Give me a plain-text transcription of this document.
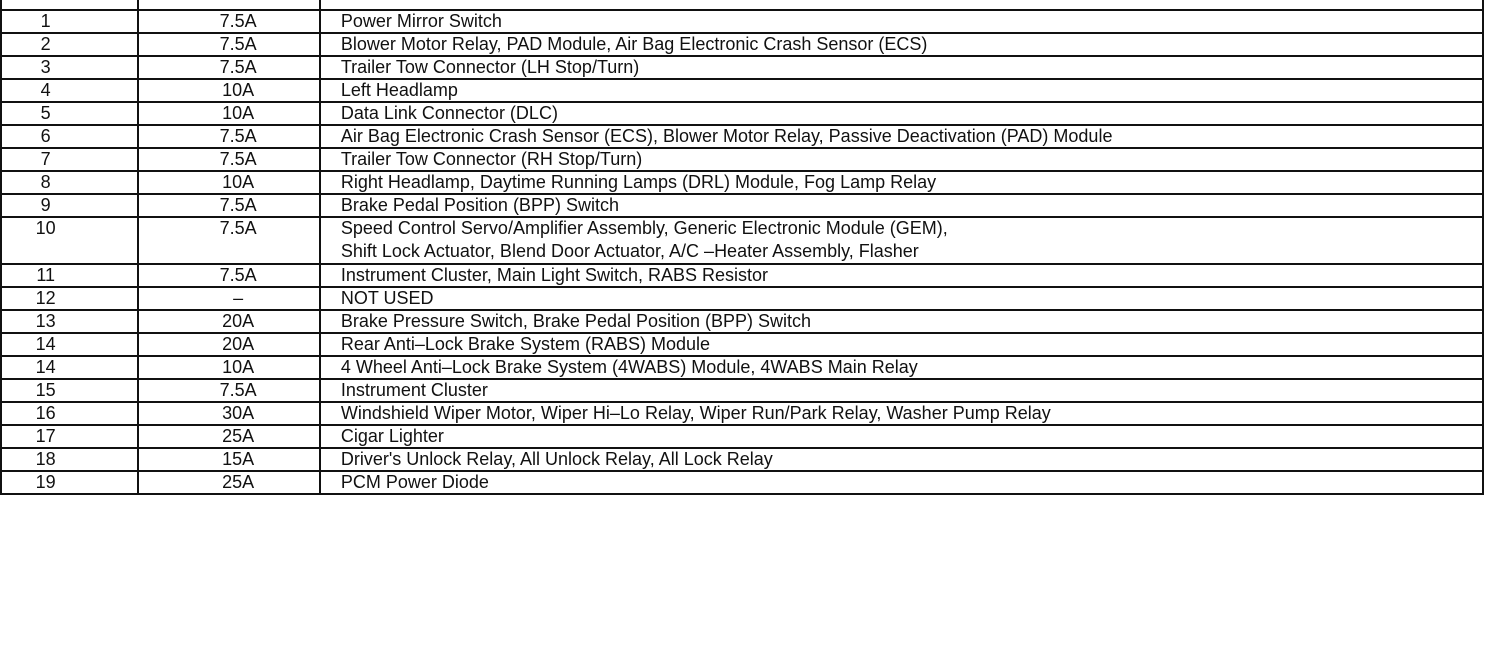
1	7.5A	Power Mirror Switch

2	7.5A	Blower Motor Relay, PAD Module, Air Bag Electronic Crash Sensor (ECS)

3	7.5A	Trailer Tow Connector (LH Stop/Turn)

4	10A	Left Headlamp

5	10A	Data Link Connector (DLC)

6	7.5A	Air Bag Electronic Crash Sensor (ECS), Blower Motor Relay, Passive Deactivation (PAD) Module

7	7.5A	Trailer Tow Connector (RH Stop/Turn)

8	10A	Right Headlamp, Daytime Running Lamps (DRL) Module, Fog Lamp Relay

9	7.5A	Brake Pedal Position (BPP) Switch

10	7.5A	Speed Control Servo/Amplifier Assembly, Generic Electronic Module (GEM),
Shift Lock Actuator, Blend Door Actuator, A/C –Heater Assembly, Flasher

11	7.5A	Instrument Cluster, Main Light Switch, RABS Resistor

12	–	NOT USED

13	20A	Brake Pressure Switch, Brake Pedal Position (BPP) Switch

14	20A	Rear Anti–Lock Brake System (RABS) Module

14	10A	4 Wheel Anti–Lock Brake System (4WABS) Module, 4WABS Main Relay

15	7.5A	Instrument Cluster

16	30A	Windshield Wiper Motor, Wiper Hi–Lo Relay, Wiper Run/Park Relay, Washer Pump Relay

17	25A	Cigar Lighter

18	15A	Driver's Unlock Relay, All Unlock Relay, All Lock Relay

19	25A	PCM Power Diode
